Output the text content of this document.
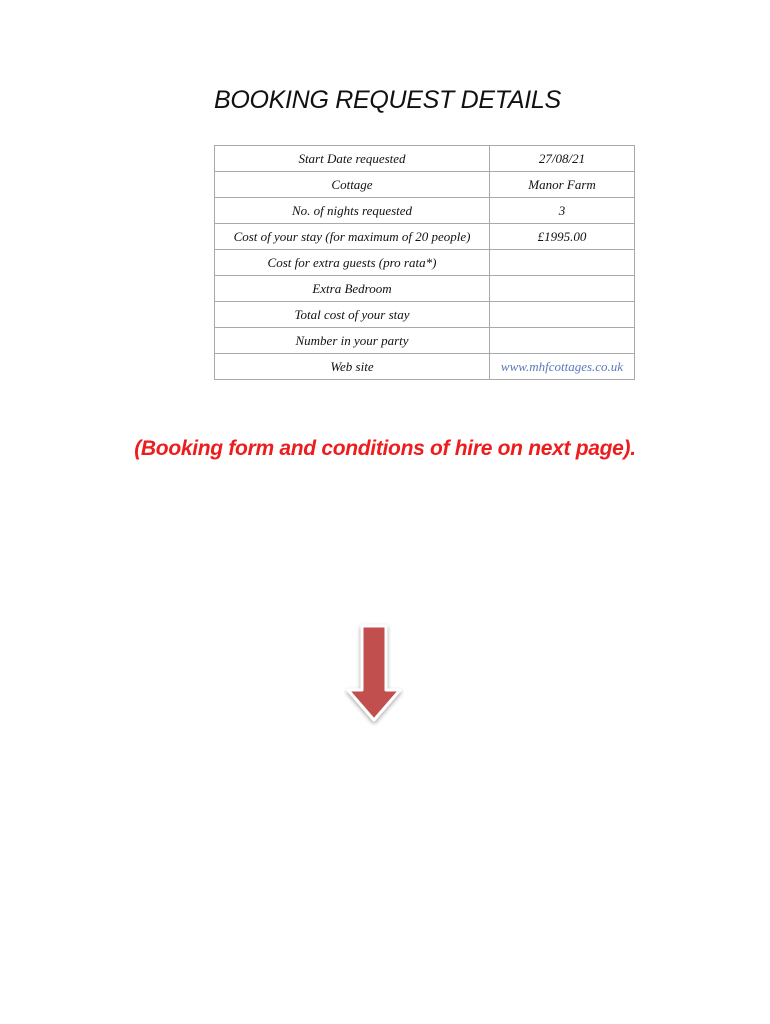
BOOKING REQUEST DETAILS
Start Date requested	27/08/21
Cottage	Manor Farm
No. of nights requested	3
Cost of your stay (for maximum of 20 people)	£1995.00
Cost for extra guests (pro rata*)	
Extra Bedroom	
Total cost of your stay	
Number in your party	
Web site	www.mhfcottages.co.uk

(Booking form and conditions of hire on next page).
